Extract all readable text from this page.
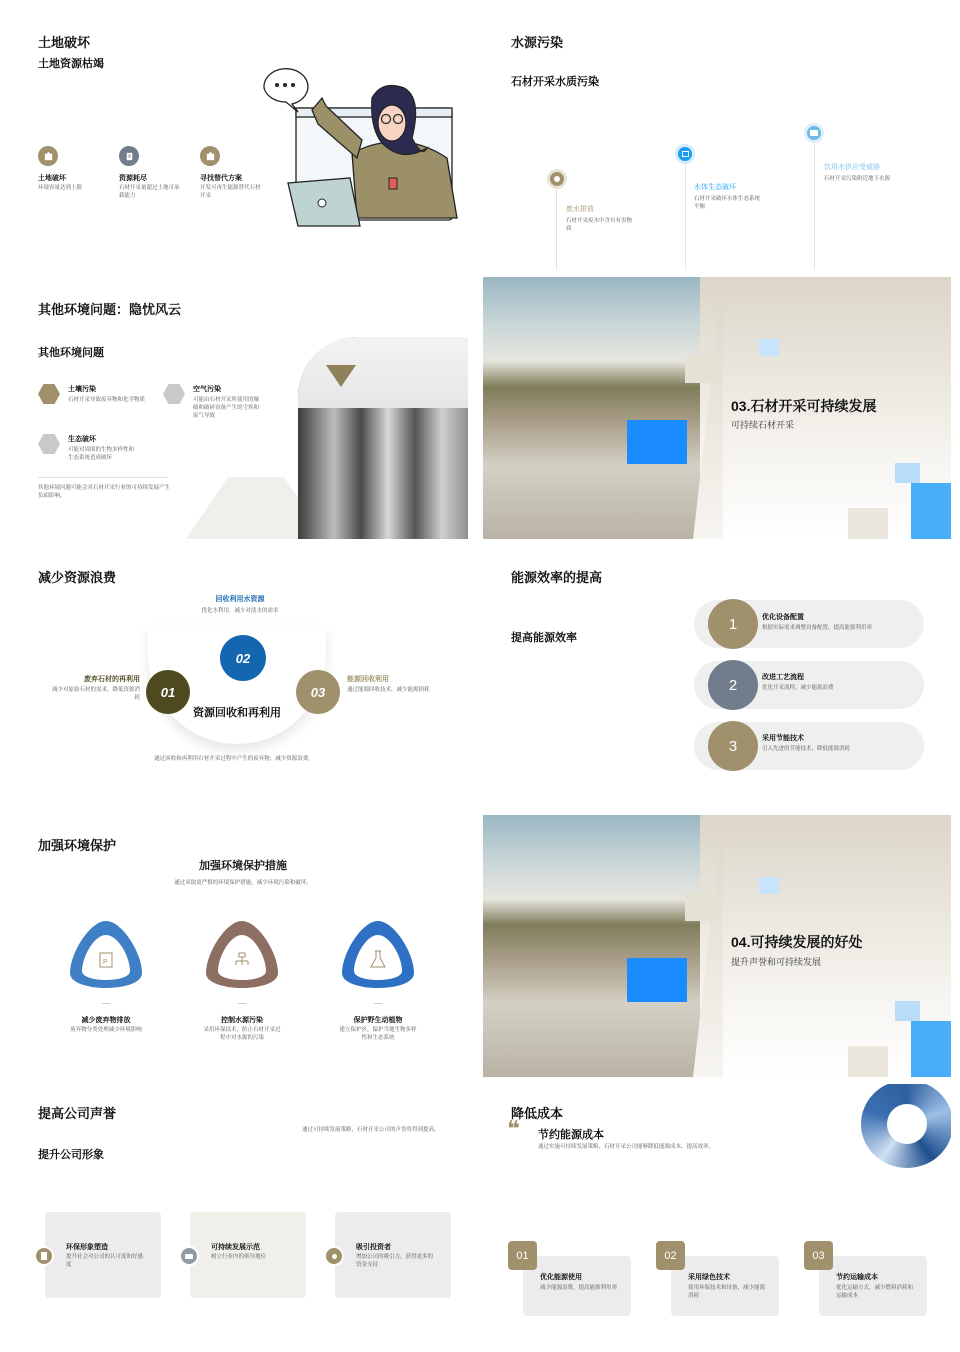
土地破坏
土地资源枯竭
土地破坏
环境容量达到上限
资源耗尽
石材开采量超过土地可承载能力
寻找替代方案
开发可再生能源替代石材开采
水源污染
石材开采水质污染
废水排放
石材开采废水中含有有害物质
水体生态破坏
石材开采破坏水体生态系统平衡
饮用水供应受威胁
石材开采污染附近地下水源
其他环境问题：隐忧风云
其他环境问题
土壤污染
石材开采导致废弃物和化学物质
空气污染
可能由石材开采所使用的爆破和破碎设备产生的尘埃和废气导致
生态破坏
可能对周围的生物多样性和生态系统造成破坏
其他环境问题可能会对石材开采行业的可持续发展产生负面影响。
03.石材开采可持续发展
可持续石材开采
减少资源浪费
资源回收和再利用
01
02
03
回收利用水资源
优化水利用，减少对淡水的需求
废弃石材的再利用
减少对原始石材的需求，降低资源消耗
能源回收利用
通过能源回收技术，减少能源损耗
通过回收和再利用石材开采过程中产生的废弃物，减少资源浪费。
能源效率的提高
提高能源效率
1	优化设备配置
根据实际需求调整设备配置，提高能源利用率
2	改进工艺流程
优化开采流程，减少能源浪费
3	采用节能技术
引入先进的节能技术，降低能源消耗
加强环境保护
加强环境保护措施
通过采取更严格的环境保护措施，减少环境污染和破坏。
P
减少废弃物排放
废弃物分类处理减少环境影响
控制水源污染
采用环保技术，防止石材开采过程中对水源的污染
保护野生动植物
建立保护区，保护当地生物多样性和生态系统
04.可持续发展的好处
提升声誉和可持续发展
提高公司声誉
提升公司形象
通过可持续发展策略，石材开采公司的声誉将得到提高。
环保形象塑造
提升社会对公司的认可度和好感度
可持续发展示范
树立行业内的领导地位
吸引投资者
增加公司的吸引力，获得更多的资金支持
降低成本
❝ 节约能源成本
通过实施可持续发展策略，石材开采公司能够降低能源成本、提高效率。
优化能源使用
减少能源浪费，提高能源利用率
01
采用绿色技术
使用环保技术和设备，减少能源消耗
02
节约运输成本
优化运输方式，减少燃料消耗和运输成本
03
